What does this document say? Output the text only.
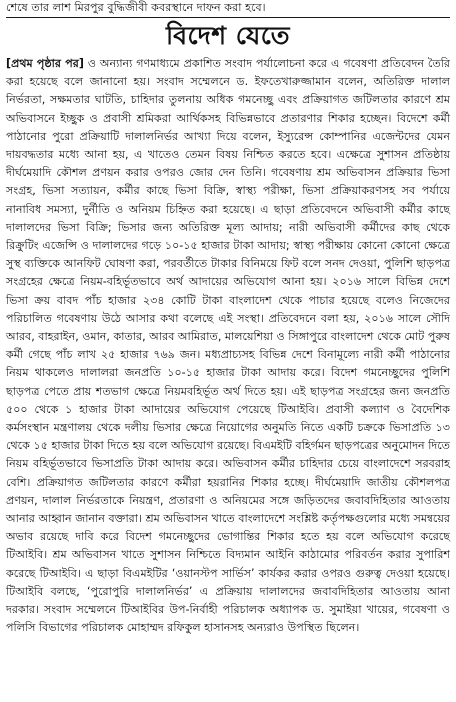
শেষে তার লাশ মিরপুর বুদ্ধিজীবী কবরস্থানে দাফন করা হবে।
বিদেশ যেতে

[প্রথম পৃষ্ঠার পর] ও অন্যান্য গণমাধ্যমে প্রকাশিত সংবাদ পর্যালোচনা করে এ গবেষণা প্রতিবেদন তৈরি করা হয়েছে বলে জানানো হয়। সংবাদ সম্মেলনে ড. ইফতেখারুজ্জামান বলেন, অতিরিক্ত দালাল নির্ভরতা, সক্ষমতার ঘাটতি, চাহিদার তুলনায় অধিক গমনেচ্ছু এবং প্রক্রিয়াগত জটিলতার কারণে শ্রম অভিবাসনে ইচ্ছুক ও প্রবাসী শ্রমিকরা আর্থিকসহ বিভিন্নভাবে প্রতারণার শিকার হচ্ছেন। বিদেশে কর্মী পাঠানোর পুরো প্রক্রিয়াটি দালালনির্ভর আখ্যা দিয়ে বলেন, ইস্যুরেন্স কোম্পানির এজেন্টদের যেমন দায়বদ্ধতার মধ্যে আনা হয়, এ খাতেও তেমন বিষয় নিশ্চিত করতে হবে। এক্ষেত্রে সুশাসন প্রতিষ্ঠায় দীর্ঘমেয়াদি কৌশল প্রণয়ন করার ওপরও জোর দেন তিনি। গবেষণায় শ্রম অভিবাসন প্রক্রিয়ার ভিসা সংগ্রহ, ভিসা সত্যায়ন, কর্মীর কাছে ভিসা বিক্রি, স্বাস্থ্য পরীক্ষা, ভিসা প্রক্রিয়াকরণসহ সব পর্যায়ে নানাবিধ সমস্যা, দুর্নীতি ও অনিয়ম চিহ্নিত করা হয়েছে। এ ছাড়া প্রতিবেদনে অভিবাসী কর্মীর কাছে দালালদের ভিসা বিক্রি; ভিসার জন্য অতিরিক্ত মূল্য আদায়; নারী অভিবাসী কর্মীদের কাছ থেকে রিক্রুটিং এজেন্সি ও দালালদের গড়ে ১০-১৫ হাজার টাকা আদায়; স্বাস্থ্য পরীক্ষায় কোনো কোনো ক্ষেত্রে সুস্থ ব্যক্তিকে আনফিট ঘোষণা করা, পরবর্তীতে টাকার বিনিময়ে ফিট বলে সনদ দেওয়া, পুলিশি ছাড়পত্র সংগ্রহের ক্ষেত্রে নিয়ম-বহির্ভূতভাবে অর্থ আদায়ের অভিযোগ আনা হয়। ২০১৬ সালে বিভিন্ন দেশে ভিসা ক্রয় বাবদ পাঁচ হাজার ২৩৪ কোটি টাকা বাংলাদেশ থেকে পাচার হয়েছে বলেও নিজেদের পরিচালিত গবেষণায় উঠে আসার কথা বলেছে এই সংস্থা। প্রতিবেদনে বলা হয়, ২০১৬ সালে সৌদি আরব, বাহরাইন, ওমান, কাতার, আরব আমিরাত, মালয়েশিয়া ও সিঙ্গাপুরে বাংলাদেশ থেকে মোট পুরুষ কর্মী গেছে পাঁচ লাখ ২৫ হাজার ৭৬৯ জন। মধ্যপ্রাচ্যসহ বিভিন্ন দেশে বিনামূল্যে নারী কর্মী পাঠানোর নিয়ম থাকলেও দালালরা জনপ্রতি ১০-১৫ হাজার টাকা আদায় করে। বিদেশ গমনেচ্ছুদের পুলিশি ছাড়পত্র পেতে প্রায় শতভাগ ক্ষেত্রে নিয়মবহির্ভূত অর্থ দিতে হয়। এই ছাড়পত্র সংগ্রহের জন্য জনপ্রতি ৫০০ থেকে ১ হাজার টাকা আদায়ের অভিযোগ পেয়েছে টিআইবি। প্রবাসী কল্যাণ ও বৈদেশিক কর্মসংস্থান মন্ত্রণালয় থেকে দলীয় ভিসার ক্ষেত্রে নিয়োগের অনুমতি নিতে একটি চক্রকে ভিসাপ্রতি ১৩ থেকে ১৫ হাজার টাকা দিতে হয় বলে অভিযোগ রয়েছে। বিএমইটি বহির্গমন ছাড়পত্রের অনুমোদন দিতে নিয়ম বহির্ভূতভাবে ভিসাপ্রতি টাকা আদায় করে। অভিবাসন কর্মীর চাহিদার চেয়ে বাংলাদেশে সরবরাহ বেশি। প্রক্রিয়াগত জটিলতার কারণে কর্মীরা হয়রানির শিকার হচ্ছে। দীর্ঘমেয়াদি জাতীয় কৌশলপত্র প্রণয়ন, দালাল নির্ভরতাকে নিয়ন্ত্রণ, প্রতারণা ও অনিয়মের সঙ্গে জড়িতদের জবাবদিহিতার আওতায় আনার আহ্বান জানান বক্তারা। শ্রম অভিবাসন খাতে বাংলাদেশে সংশ্লিষ্ট কর্তৃপক্ষগুলোর মধ্যে সমন্বয়ের অভাব রয়েছে দাবি করে বিদেশ গমনেচ্ছুদের ভোগান্তির শিকার হতে হয় বলে অভিযোগ করেছে টিআইবি। শ্রম অভিবাসন খাতে সুশাসন নিশ্চিতে বিদ্যমান আইনি কাঠামোর পরিবর্তন করার সুপারিশ করেছে টিআইবি। এ ছাড়া বিএমইটির ‘ওয়ানস্টপ সার্ভিস’ কার্যকর করার ওপরও গুরুত্ব দেওয়া হয়েছে। টিআইবি বলছে, ‘পুরোপুরি দালালনির্ভর’ এ প্রক্রিয়ায় দালালদের জবাবদিহিতার আওতায় আনা দরকার। সংবাদ সম্মেলনে টিআইবির উপ-নির্বাহী পরিচালক অধ্যাপক ড. সুমাইয়া খায়ের, গবেষণা ও পলিসি বিভাগের পরিচালক মোহাম্মদ রফিকুল হাসানসহ অন্যরাও উপস্থিত ছিলেন।
